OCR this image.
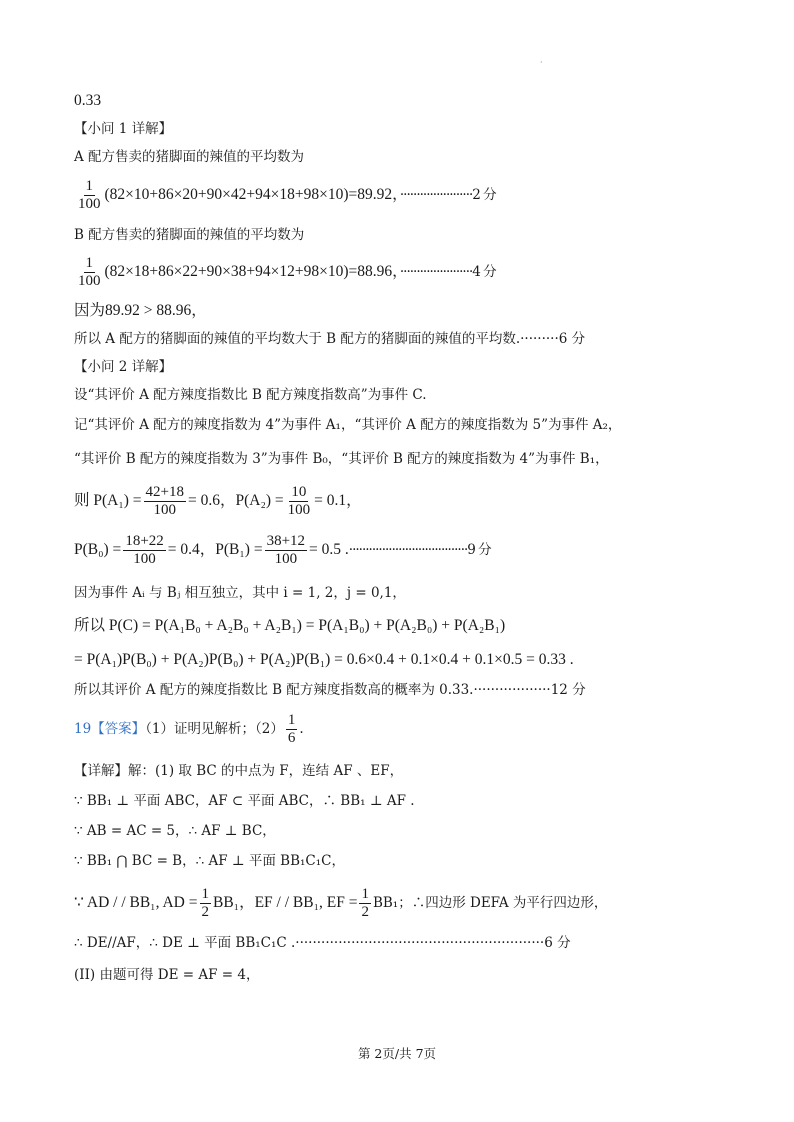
·
0.33
【小问 1 详解】
A 配方售卖的猪脚面的辣值的平均数为
$\frac{1}{100} (82\times 10+86\times 20+90\times 42+94\times 18+98\times 10)=89.92$，······················2 分
B 配方售卖的猪脚面的辣值的平均数为
$\frac{1}{100} (82\times 18+86\times 22+90\times 38+94\times 12+98\times 10)=88.96$，······················4 分
因为89.92 > 88.96，
所以 A 配方的猪脚面的辣值的平均数大于 B 配方的猪脚面的辣值的平均数.·········6 分
【小问 2 详解】
设“其评价 A 配方辣度指数比 B 配方辣度指数高”为事件 C.
记“其评价 A 配方的辣度指数为 4”为事件 A₁，“其评价 A 配方的辣度指数为 5”为事件 A₂，
“其评价 B 配方的辣度指数为 3”为事件 B₀，“其评价 B 配方的辣度指数为 4”为事件 B₁，
则 $P(A_1) = \frac{42+18}{100} = 0.6$，$P(A_2) = \frac{10}{100} = 0.1$，
$P(B_0) = \frac{18+22}{100} = 0.4$，$P(B_1) = \frac{38+12}{100} = 0.5$ .····································9 分
因为事件 Aᵢ 与 Bⱼ 相互独立，其中 i = 1, 2，j = 0,1，
所以 P(C) = P(A₁B₀ + A₂B₀ + A₂B₁) = P(A₁B₀) + P(A₂B₀) + P(A₂B₁)
= P(A₁)P(B₀) + P(A₂)P(B₀) + P(A₂)P(B₁) = 0.6×0.4 + 0.1×0.4 + 0.1×0.5 = 0.33 .
所以其评价 A 配方的辣度指数比 B 配方辣度指数高的概率为 0.33.··················12 分
19【答案】（1）证明见解析；$(2) \frac{1}{6}$ .
【详解】解：(1) 取 BC 的中点为 F，连结 AF 、EF，
∵ BB₁ ⊥ 平面 ABC，AF ⊂ 平面 ABC，∴ BB₁ ⊥ AF .
∵ AB = AC = 5，∴ AF ⊥ BC，
∵ BB₁ ⋂ BC = B，∴ AF ⊥ 平面 BB₁C₁C，
∵ AD / / BB₁, AD = $\frac{1}{2} BB_1$，EF / / BB₁, EF = $\frac{1}{2} BB_1$；∴四边形 DEFA 为平行四边形，
∴ DE//AF，∴ DE ⊥ 平面 BB₁C₁C .··························································6 分
(II) 由题可得 DE = AF = 4，
第 2页/共 7页
